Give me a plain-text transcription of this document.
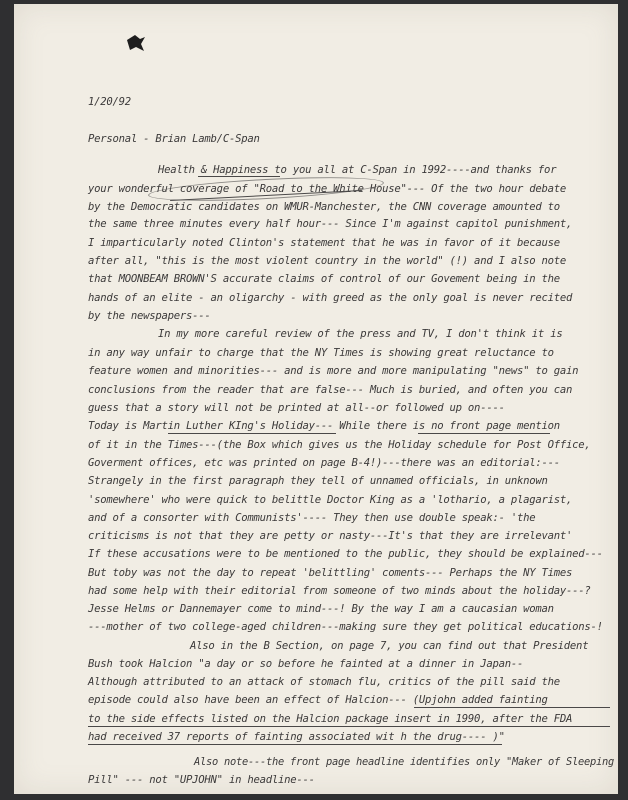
1/20/92
Personal - Brian Lamb/C-Span
Health & Happiness to you all at C-Span in 1992----and thanks for
your wonderful coverage of "Road to the White House"--- Of the two hour debate
by the Democratic candidates on WMUR-Manchester, the CNN coverage amounted to
the same three minutes every half hour--- Since I'm against capitol punishment,
I imparticularly noted Clinton's statement that he was in favor of it because
after all, "this is the most violent country in the world" (!) and I also note
that MOONBEAM BROWN'S accurate claims of control of our Govement being in the
hands of an elite - an oligarchy - with greed as the only goal is never recited
by the newspapers---
In my more careful review of the press and TV, I don't think it is
in any way unfair to charge that the NY Times is showing great reluctance to
feature women and minorities--- and is more and more manipulating "news" to gain
conclusions from the reader that are false--- Much is buried, and often you can
guess that a story will not be printed at all--or followed up on----
Today is Martin Luther KIng's Holiday--- While there is no front page mention
of it in the Times---(the Box which gives us the Holiday schedule for Post Office,
Goverment offices, etc was printed on page B-4!)---there was an editorial:---
Strangely in the first paragraph they tell of unnamed officials, in unknown
'somewhere' who were quick to belittle Doctor King as a 'lothario, a plagarist,
and of a consorter with Communists'---- They then use double speak:- 'the
criticisms is not that they are petty or nasty---It's that they are irrelevant'
If these accusations were to be mentioned to the public, they should be explained---
But toby was not the day to repeat 'belittling' coments--- Perhaps the NY Times
had some help with their editorial from someone of two minds about the holiday---?
Jesse Helms or Dannemayer come to mind---! By the way I am a caucasian woman
---mother of two college-aged children---making sure they get political educations-!
Also in the B Section, on page 7, you can find out that President
Bush took Halcion "a day or so before he fainted at a dinner in Japan--
Although attributed to an attack of stomach flu, critics of the pill said the
episode could also have been an effect of Halcion--- (Upjohn added fainting
to the side effects listed on the Halcion package insert in 1990, after the FDA
had received 37 reports of fainting associated wit h the drug---- )"
Also note---the front page headline identifies only "Maker of Sleeping
Pill" --- not "UPJOHN" in headline---
